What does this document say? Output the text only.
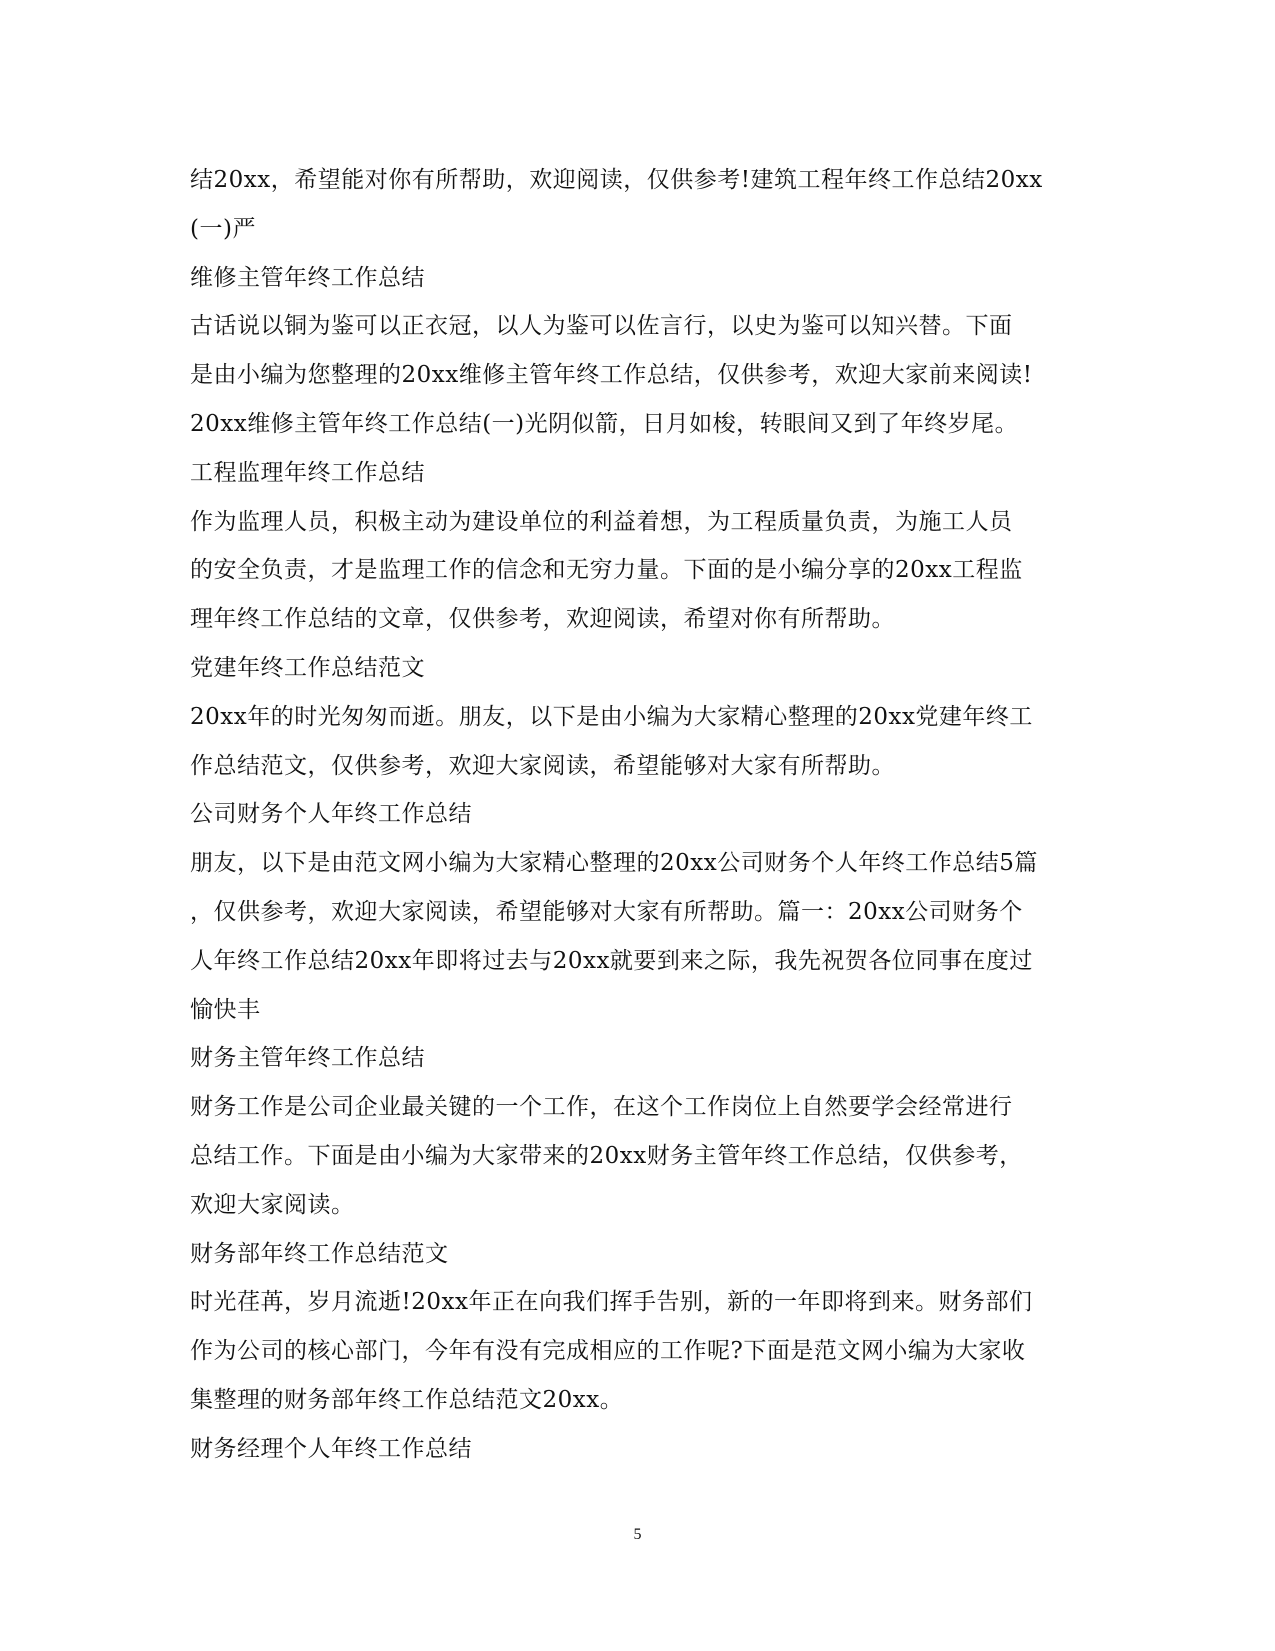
结20xx，希望能对你有所帮助，欢迎阅读，仅供参考!建筑工程年终工作总结20xx
(一)严
维修主管年终工作总结
古话说以铜为鉴可以正衣冠，以人为鉴可以佐言行，以史为鉴可以知兴替。下面
是由小编为您整理的20xx维修主管年终工作总结，仅供参考，欢迎大家前来阅读!
20xx维修主管年终工作总结(一)光阴似箭，日月如梭，转眼间又到了年终岁尾。
工程监理年终工作总结
作为监理人员，积极主动为建设单位的利益着想，为工程质量负责，为施工人员
的安全负责，才是监理工作的信念和无穷力量。下面的是小编分享的20xx工程监
理年终工作总结的文章，仅供参考，欢迎阅读，希望对你有所帮助。
党建年终工作总结范文
20xx年的时光匆匆而逝。朋友，以下是由小编为大家精心整理的20xx党建年终工
作总结范文，仅供参考，欢迎大家阅读，希望能够对大家有所帮助。
公司财务个人年终工作总结
朋友，以下是由范文网小编为大家精心整理的20xx公司财务个人年终工作总结5篇
，仅供参考，欢迎大家阅读，希望能够对大家有所帮助。篇一：20xx公司财务个
人年终工作总结20xx年即将过去与20xx就要到来之际，我先祝贺各位同事在度过
愉快丰
财务主管年终工作总结
财务工作是公司企业最关键的一个工作，在这个工作岗位上自然要学会经常进行
总结工作。下面是由小编为大家带来的20xx财务主管年终工作总结，仅供参考，
欢迎大家阅读。
财务部年终工作总结范文
时光荏苒，岁月流逝!20xx年正在向我们挥手告别，新的一年即将到来。财务部们
作为公司的核心部门，今年有没有完成相应的工作呢?下面是范文网小编为大家收
集整理的财务部年终工作总结范文20xx。
财务经理个人年终工作总结
5
